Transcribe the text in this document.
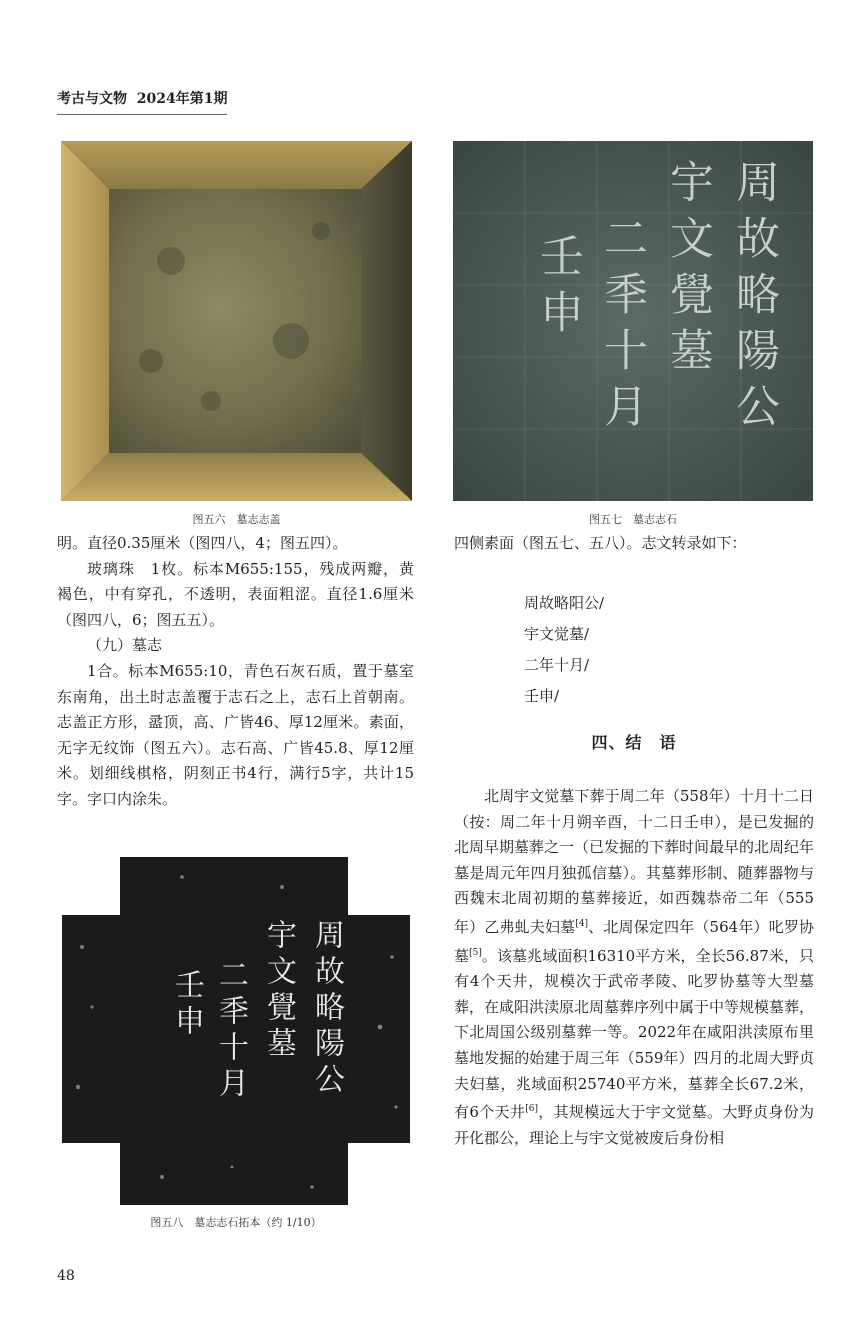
考古与文物 2024年第1期
图五六　墓志志盖
周故略陽公
宇文覺墓
二秊十月
壬申
图五七　墓志志石

明。直径0.35厘米（图四八，4；图五四）。

玻璃珠　1枚。标本M655:155，残成两瓣，黄褐色，中有穿孔，不透明，表面粗涩。直径1.6厘米（图四八，6；图五五）。

（九）墓志

1合。标本M655:10，青色石灰石质，置于墓室东南角，出土时志盖覆于志石之上，志石上首朝南。志盖正方形，盝顶，高、广皆46、厚12厘米。素面，无字无纹饰（图五六）。志石高、广皆45.8、厚12厘米。划细线棋格，阴刻正书4行，满行5字，共计15字。字口内涂朱。

周故略陽公
宇文覺墓
二秊十月
壬申
图五八　墓志志石拓本（约 1/10）

四侧素面（图五七、五八）。志文转录如下：

周故略阳公/
宇文觉墓/
二年十月/
壬申/
四、结　语

北周宇文觉墓下葬于周二年（558年）十月十二日（按：周二年十月朔辛酉，十二日壬申），是已发掘的北周早期墓葬之一（已发掘的下葬时间最早的北周纪年墓是周元年四月独孤信墓）。其墓葬形制、随葬器物与西魏末北周初期的墓葬接近，如西魏恭帝二年（555年）乙弗虬夫妇墓[4]、北周保定四年（564年）叱罗协墓[5]。该墓兆域面积16310平方米，全长56.87米，只有4个天井，规模次于武帝孝陵、叱罗协墓等大型墓葬，在咸阳洪渎原北周墓葬序列中属于中等规模墓葬，下北周国公级别墓葬一等。2022年在咸阳洪渎原布里墓地发掘的始建于周三年（559年）四月的北周大野贞夫妇墓，兆域面积25740平方米，墓葬全长67.2米，有6个天井[6]，其规模远大于宇文觉墓。大野贞身份为开化郡公，理论上与宇文觉被废后身份相

48
